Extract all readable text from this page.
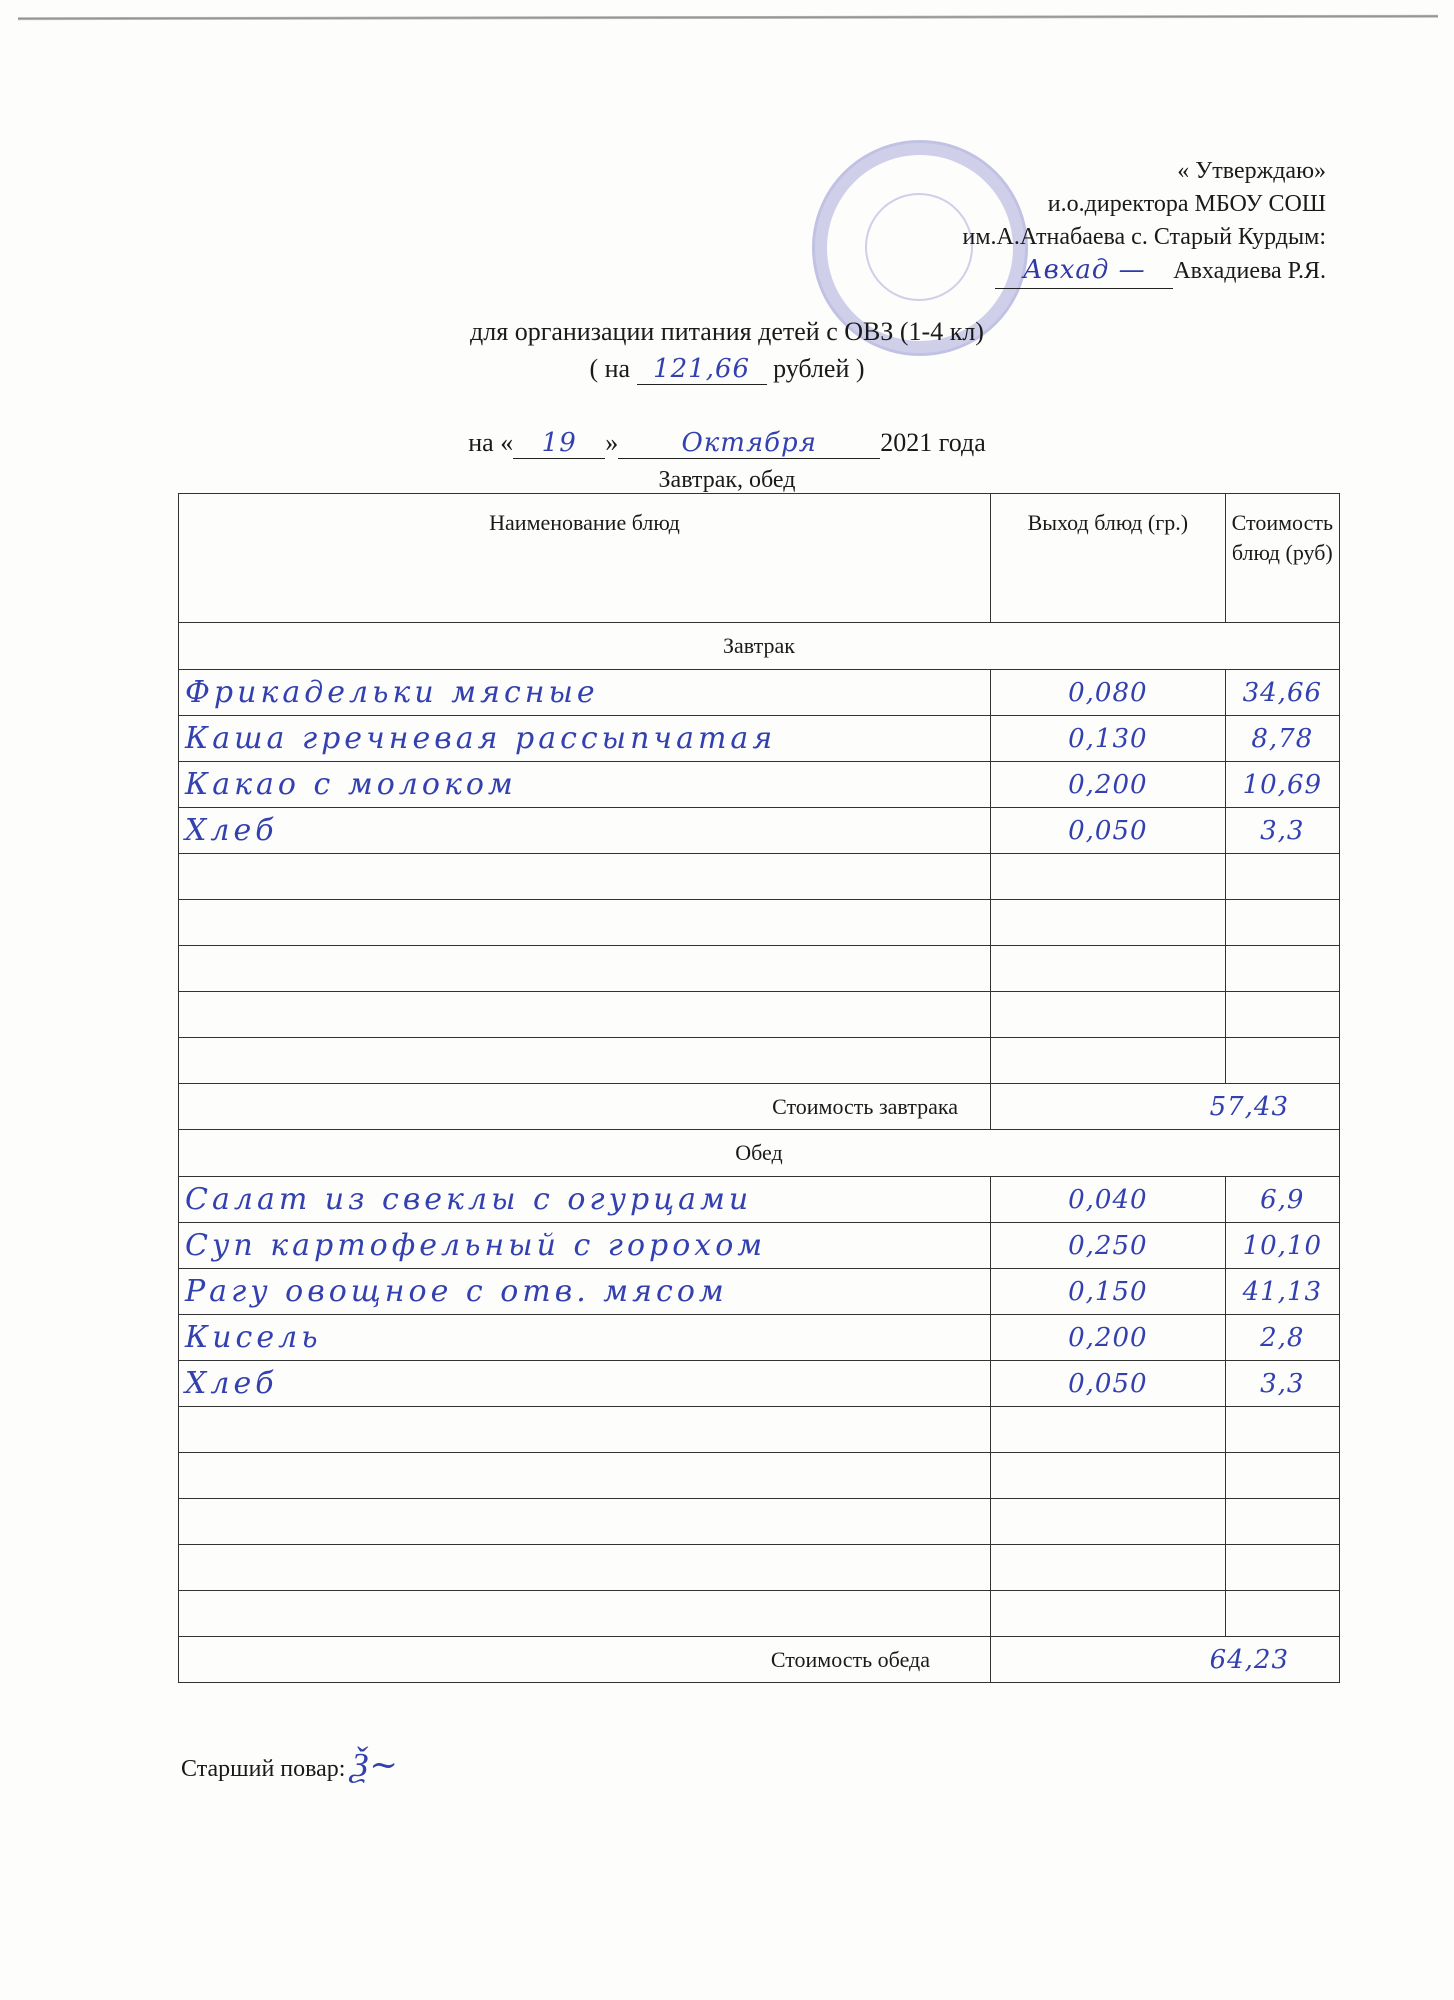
« Утверждаю»
и.о.директора МБОУ СОШ
им.А.Атнабаева с. Старый Курдым:
Авхад — Авхадиева Р.Я.
для организации питания детей с ОВЗ (1-4 кл)
( на 121,66 рублей )
на « 19 » Октября 2021 года
Завтрак, обед
Наименование блюд	Выход блюд (гр.)	Стоимость блюд (руб)
Завтрак		
Фрикадельки мясные	0,080	34,66
Каша гречневая рассыпчатая	0,130	8,78
Какао с молоком	0,200	10,69
Хлеб	0,050	3,3

Стоимость завтрака	57,43	
Обед		
Салат из свеклы с огурцами	0,040	6,9
Суп картофельный с горохом	0,250	10,10
Рагу овощное с отв. мясом	0,150	41,13
Кисель	0,200	2,8
Хлеб	0,050	3,3

Стоимость обеда	64,23	
Старший повар: Ѯ~
